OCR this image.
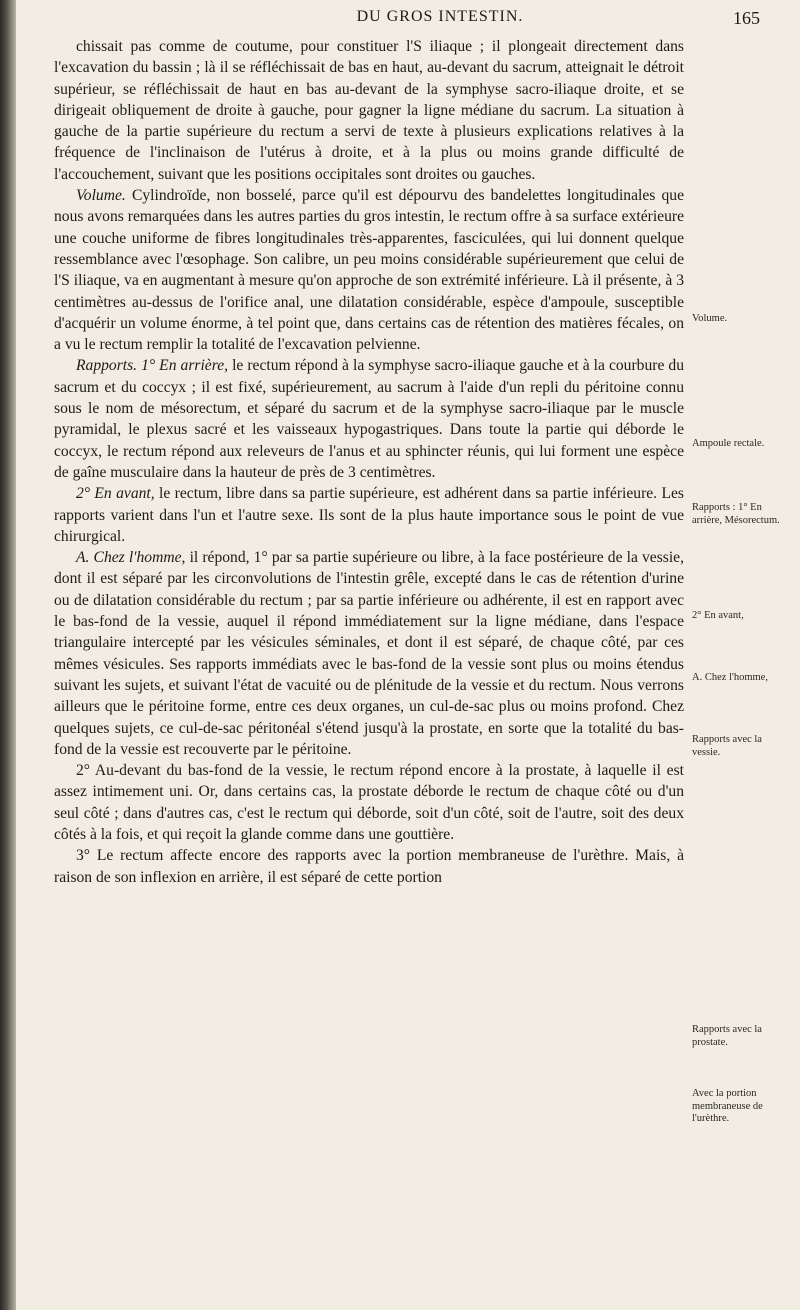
DU GROS INTESTIN.	165

chissait pas comme de coutume, pour constituer l'S iliaque ; il plongeait directement dans l'excavation du bassin ; là il se réfléchissait de bas en haut, au-devant du sacrum, atteignait le détroit supérieur, se réfléchissait de haut en bas au-devant de la symphyse sacro-iliaque droite, et se dirigeait obliquement de droite à gauche, pour gagner la ligne médiane du sacrum. La situation à gauche de la partie supérieure du rectum a servi de texte à plusieurs explications relatives à la fréquence de l'inclinaison de l'utérus à droite, et à la plus ou moins grande difficulté de l'accouchement, suivant que les positions occipitales sont droites ou gauches.

Volume. Cylindroïde, non bosselé, parce qu'il est dépourvu des bandelettes longitudinales que nous avons remarquées dans les autres parties du gros intestin, le rectum offre à sa surface extérieure une couche uniforme de fibres longitudinales très-apparentes, fasciculées, qui lui donnent quelque ressemblance avec l'œsophage. Son calibre, un peu moins considérable supérieurement que celui de l'S iliaque, va en augmentant à mesure qu'on approche de son extrémité inférieure. Là il présente, à 3 centimètres au-dessus de l'orifice anal, une dilatation considérable, espèce d'ampoule, susceptible d'acquérir un volume énorme, à tel point que, dans certains cas de rétention des matières fécales, on a vu le rectum remplir la totalité de l'excavation pelvienne.

Rapports. 1° En arrière, le rectum répond à la symphyse sacro-iliaque gauche et à la courbure du sacrum et du coccyx ; il est fixé, supérieurement, au sacrum à l'aide d'un repli du péritoine connu sous le nom de mésorectum, et séparé du sacrum et de la symphyse sacro-iliaque par le muscle pyramidal, le plexus sacré et les vaisseaux hypogastriques. Dans toute la partie qui déborde le coccyx, le rectum répond aux releveurs de l'anus et au sphincter réunis, qui lui forment une espèce de gaîne musculaire dans la hauteur de près de 3 centimètres.

2° En avant, le rectum, libre dans sa partie supérieure, est adhérent dans sa partie inférieure. Les rapports varient dans l'un et l'autre sexe. Ils sont de la plus haute importance sous le point de vue chirurgical.

A. Chez l'homme, il répond, 1° par sa partie supérieure ou libre, à la face postérieure de la vessie, dont il est séparé par les circonvolutions de l'intestin grêle, excepté dans le cas de rétention d'urine ou de dilatation considérable du rectum ; par sa partie inférieure ou adhérente, il est en rapport avec le bas-fond de la vessie, auquel il répond immédiatement sur la ligne médiane, dans l'espace triangulaire intercepté par les vésicules séminales, et dont il est séparé, de chaque côté, par ces mêmes vésicules. Ses rapports immédiats avec le bas-fond de la vessie sont plus ou moins étendus suivant les sujets, et suivant l'état de vacuité ou de plénitude de la vessie et du rectum. Nous verrons ailleurs que le péritoine forme, entre ces deux organes, un cul-de-sac plus ou moins profond. Chez quelques sujets, ce cul-de-sac péritonéal s'étend jusqu'à la prostate, en sorte que la totalité du bas-fond de la vessie est recouverte par le péritoine.

2° Au-devant du bas-fond de la vessie, le rectum répond encore à la prostate, à laquelle il est assez intimement uni. Or, dans certains cas, la prostate déborde le rectum de chaque côté ou d'un seul côté ; dans d'autres cas, c'est le rectum qui déborde, soit d'un côté, soit de l'autre, soit des deux côtés à la fois, et qui reçoit la glande comme dans une gouttière.

3° Le rectum affecte encore des rapports avec la portion membraneuse de l'urèthre. Mais, à raison de son inflexion en arrière, il est séparé de cette portion

Volume.
Ampoule rectale.
Rapports : 1° En arrière, Mésorectum.
2° En avant,
A. Chez l'homme,
Rapports avec la vessie.
Rapports avec la prostate.
Avec la portion membraneuse de l'urèthre.
